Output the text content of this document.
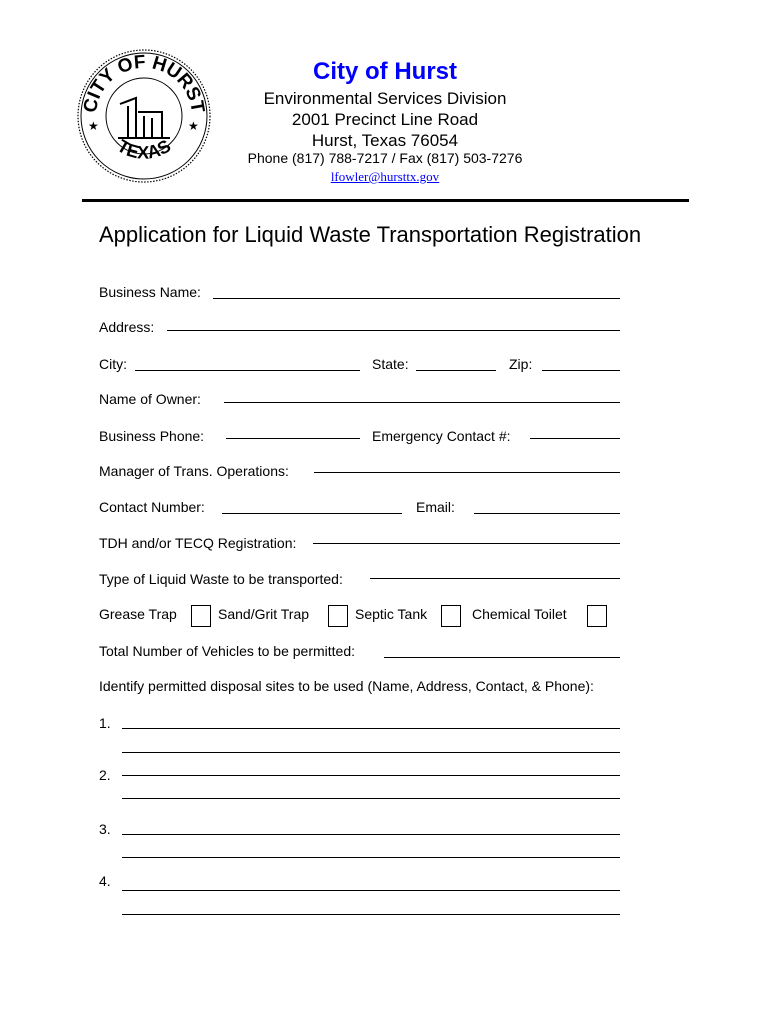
CITY OF HURST
TEXAS
★	★
City of Hurst
Environmental Services Division
2001 Precinct Line Road
Hurst, Texas 76054
Phone (817) 788-7217 / Fax (817) 503-7276
lfowler@hursttx.gov
Application for Liquid Waste Transportation Registration
Business Name:
Address:
City:	State:	Zip:
Name of Owner:
Business Phone:	Emergency Contact #:
Manager of Trans. Operations:
Contact Number:	Email:
TDH and/or TECQ Registration:
Type of Liquid Waste to be transported:
Grease Trap	Sand/Grit Trap	Septic Tank	Chemical Toilet
Total Number of Vehicles to be permitted:
Identify permitted disposal sites to be used (Name, Address, Contact, & Phone):
1.
2.
3.
4.
